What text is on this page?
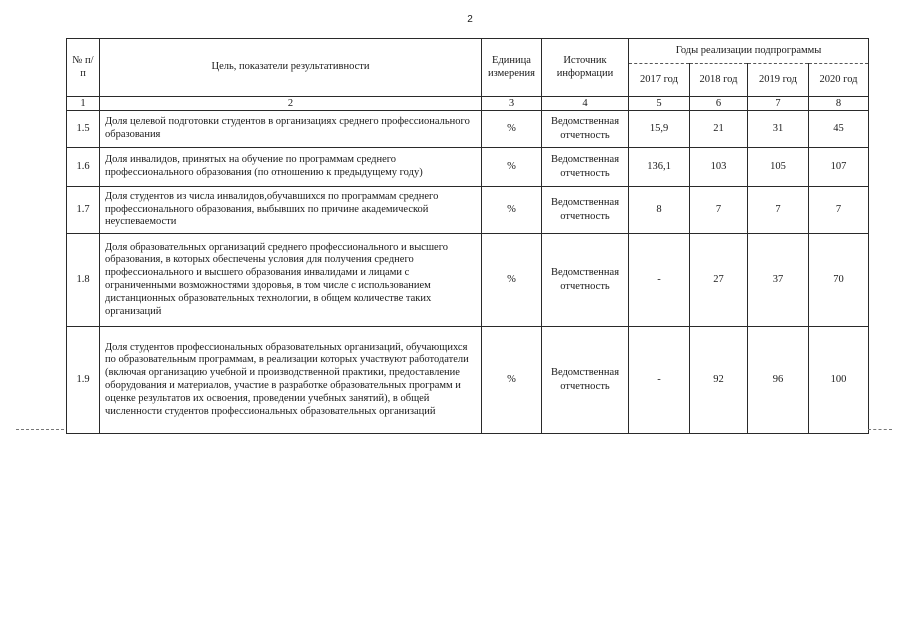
2
№ п/п	Цель, показатели результативности	Единица измерения	Источник информации	Годы реализации подпрограммы			
				2017 год	2018 год	2019 год	2020 год
1	2	3	4	5	6	7	8
1.5	Доля целевой подготовки студентов в организациях среднего профессионального образования	%	Ведомственная отчетность	15,9	21	31	45
1.6	Доля инвалидов, принятых на обучение по программам среднего профессионального образования (по отношению к предыдущему году)	%	Ведомственная отчетность	136,1	103	105	107
1.7	Доля студентов из числа инвалидов,обучавшихся по программам среднего профессионального образования, выбывших по причине академической неуспеваемости	%	Ведомственная отчетность	8	7	7	7
1.8	Доля образовательных организаций среднего профессионального и высшего образования, в которых обеспечены условия для получения среднего профессионального и высшего образования инвалидами и лицами с ограниченными возможностями здоровья, в том числе с использованием дистанционных образовательных технологии, в общем количестве таких организаций	%	Ведомственная отчетность	-	27	37	70
1.9	Доля студентов профессиональных образовательных организаций, обучающихся по образовательным программам, в реализации которых участвуют работодатели (включая организацию учебной и производственной практики, предоставление оборудования и материалов, участие в разработке образовательных программ и оценке результатов их освоения, проведении учебных занятий), в общей численности студентов профессиональных образовательных организаций	%	Ведомственная отчетность	-	92	96	100
